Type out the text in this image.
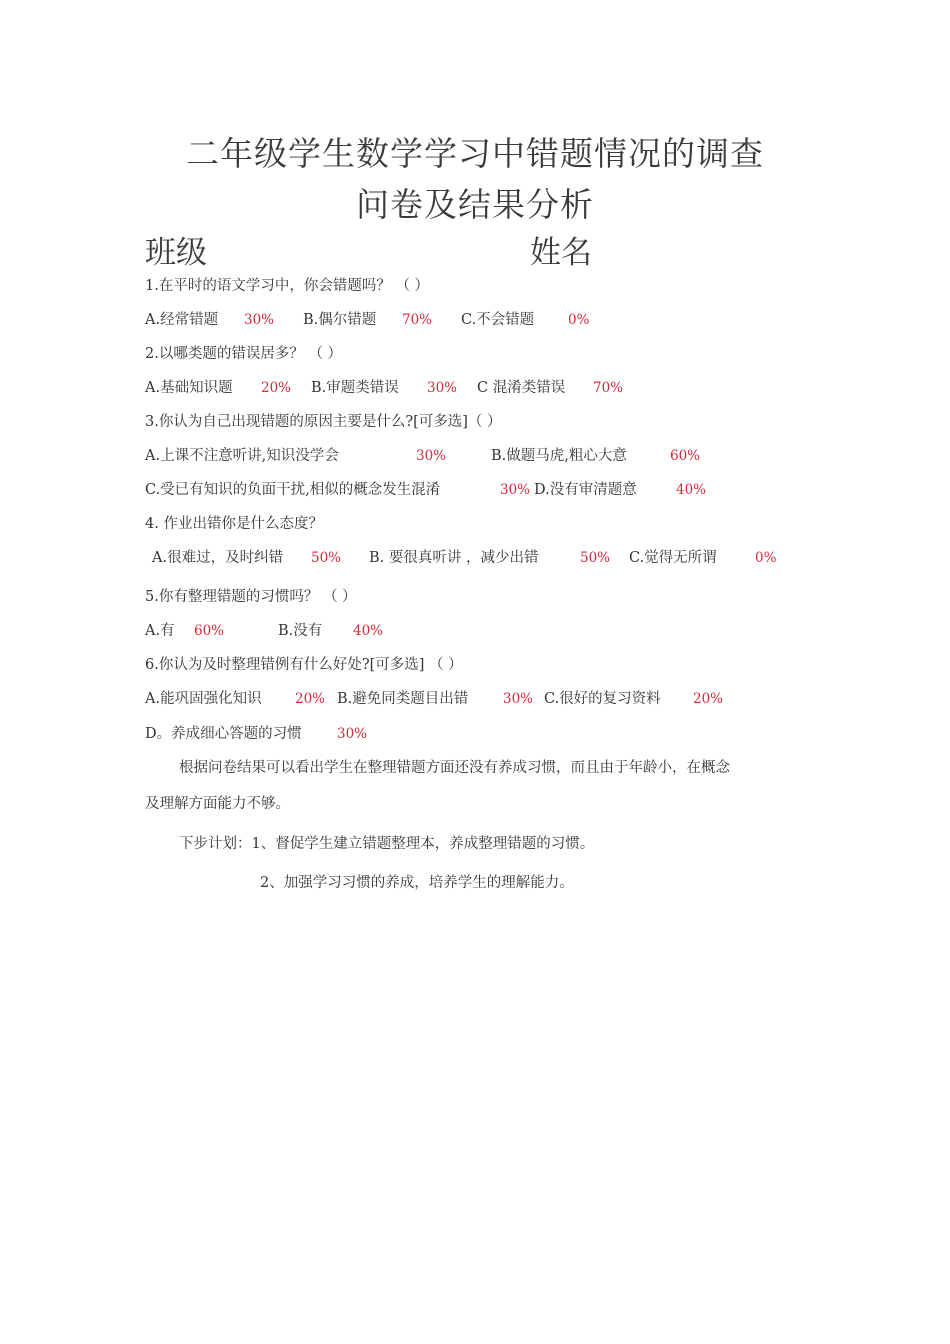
二年级学生数学学习中错题情况的调查
问卷及结果分析
班级	姓名
1.在平时的语文学习中，你会错题吗？ （ ）
A.经常错题 30% B.偶尔错题 70% C.不会错题	0%
2.以哪类题的错误居多？ （ ）
A.基础知识题 20% B.审题类错误 30% C 混淆类错误 70%
3.你认为自己出现错题的原因主要是什么?[可多选]（ ）
A.上课不注意听讲,知识没学会	30%	B.做题马虎,粗心大意	60%
C.受已有知识的负面干扰,相似的概念发生混淆	30% D.没有审清题意	40%
4. 作业出错你是什么态度？
A.很难过，及时纠错 50% B. 要很真听讲 ，减少出错	50% C.觉得无所谓	0%
5.你有整理错题的习惯吗？ （ ）
A.有 60%	B.没有 40%
6.你认为及时整理错例有什么好处?[可多选] （ ）
A.能巩固强化知识 20% B.避免同类题目出错	30% C.很好的复习资料 20%
D。养成细心答题的习惯	30%
根据问卷结果可以看出学生在整理错题方面还没有养成习惯，而且由于年龄小，在概念
及理解方面能力不够。
下步计划：1、督促学生建立错题整理本，养成整理错题的习惯。
2、加强学习习惯的养成，培养学生的理解能力。
